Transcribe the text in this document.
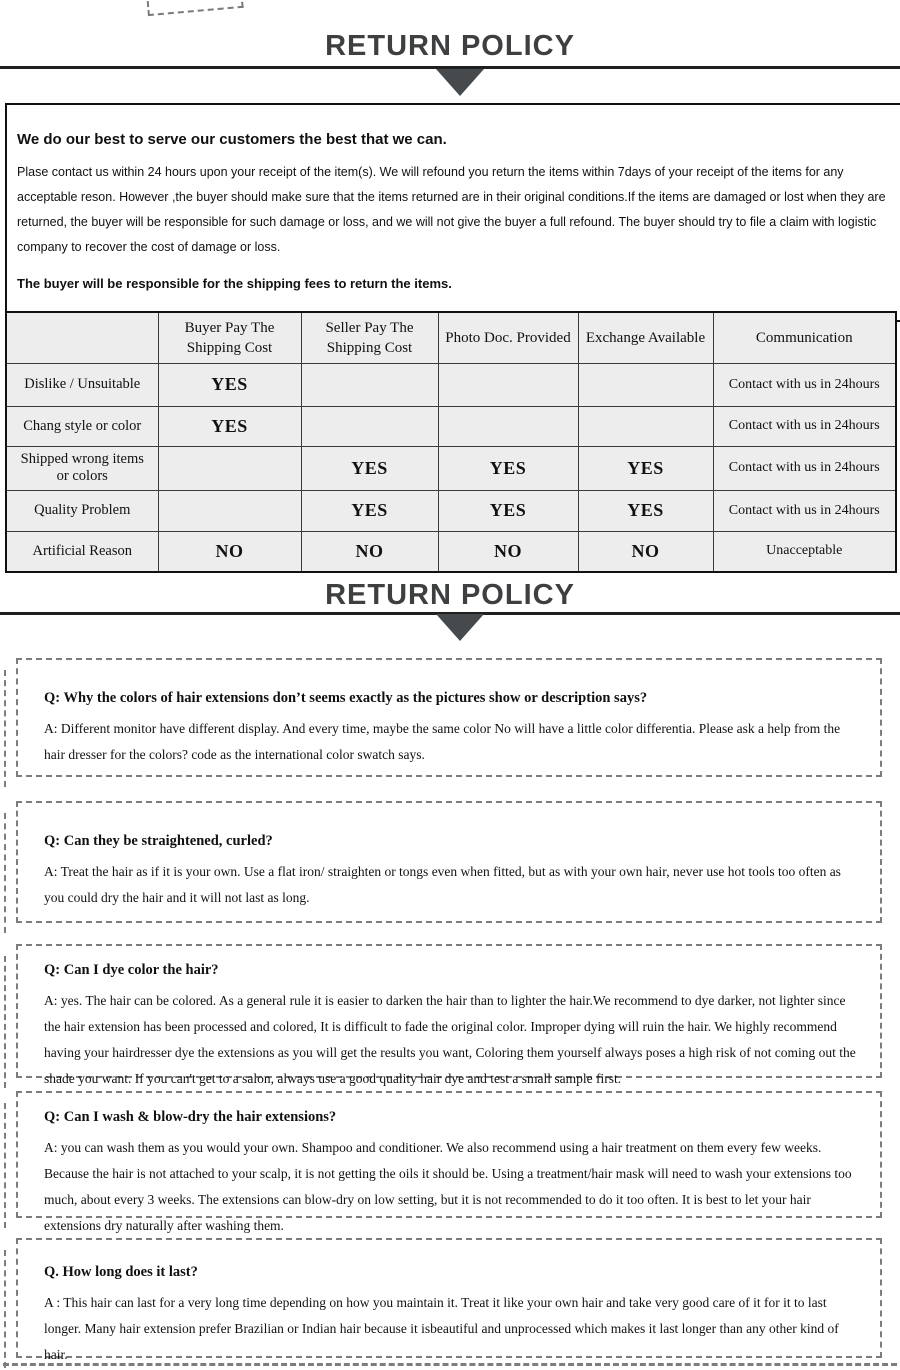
RETURN POLICY
We do our best to serve our customers the best that we can.

Plase contact us within 24 hours upon your receipt of the item(s). We will refound you return the items within 7days of your receipt of the items for any acceptable reson. However ,the buyer should make sure that the items returned are in their original conditions.If the items are damaged or lost when they are returned, the buyer will be responsible for such damage or loss, and we will not give the buyer a full refound. The buyer should try to file a claim with logistic company to recover the cost of damage or loss.

The buyer will be responsible for the shipping fees to return the items.
	Buyer Pay The Shipping Cost	Seller Pay The Shipping Cost	Photo Doc. Provided	Exchange Available	Communication
Dislike / Unsuitable	YES				Contact with us in 24hours
Chang style or color	YES				Contact with us in 24hours
Shipped wrong items or colors		YES	YES	YES	Contact with us in 24hours
Quality Problem		YES	YES	YES	Contact with us in 24hours
Artificial Reason	NO	NO	NO	NO	Unacceptable
RETURN POLICY

Q: Why the colors of hair extensions don’t seems exactly as the pictures show or description says?

A: Different monitor have different display. And every time, maybe the same color No will have a little color differentia. Please ask a help from the hair dresser for the colors? code as the international color swatch says.

Q: Can they be straightened, curled?

A: Treat the hair as if it is your own. Use a flat iron/ straighten or tongs even when fitted, but as with your own hair, never use hot tools too often as you could dry the hair and it will not last as long.

Q: Can I dye color the hair?

A: yes. The hair can be colored. As a general rule it is easier to darken the hair than to lighter the hair.We recommend to dye darker, not lighter since the hair extension has been processed and colored, It is difficult to fade the original color. Improper dying will ruin the hair. We highly recommend having your hairdresser dye the extensions as you will get the results you want, Coloring them yourself always poses a high risk of not coming out the shade you want. If you can't get to a salon, always use a good quality hair dye and test a small sample first.

Q: Can I wash & blow-dry the hair extensions?

A: you can wash them as you would your own. Shampoo and conditioner. We also recommend using a hair treatment on them every few weeks. Because the hair is not attached to your scalp, it is not getting the oils it should be. Using a treatment/hair mask will need to wash your extensions too much, about every 3 weeks. The extensions can blow-dry on low setting, but it is not recommended to do it too often. It is best to let your hair extensions dry naturally after washing them.

Q. How long does it last?

A : This hair can last for a very long time depending on how you maintain it. Treat it like your own hair and take very good care of it for it to last longer. Many hair extension prefer Brazilian or Indian hair because it isbeautiful and unprocessed which makes it last longer than any other kind of hair.
